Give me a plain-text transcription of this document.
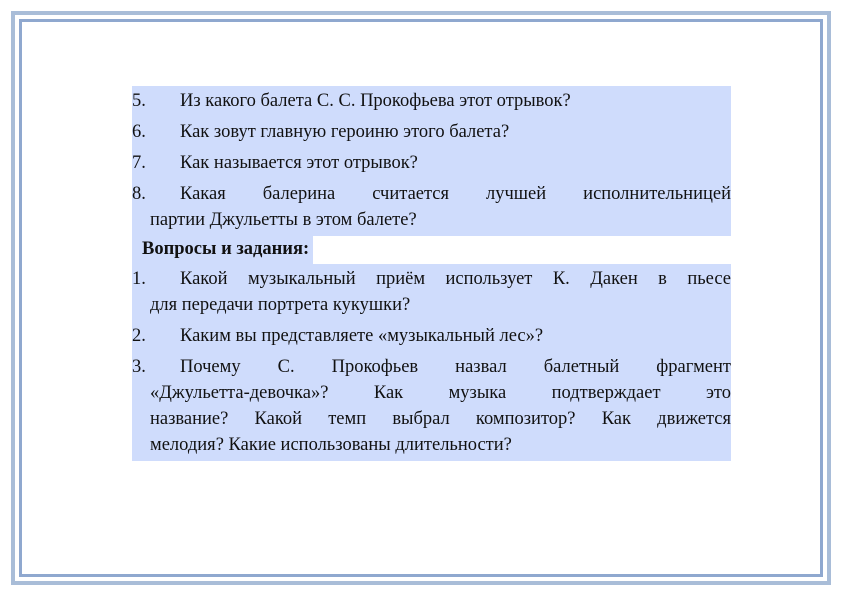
5.	Из какого балета С. С. Прокофьева этот отрывок?
6.	Как зовут главную героиню этого балета?
7.	Как называется этот отрывок?
8.	Какая балерина считается лучшей исполнительницей
партии Джульетты в этом балете?
Вопросы и задания:
1.	Какой музыкальный приём использует К. Дакен в пьесе
для передачи портрета кукушки?
2.	Каким вы представляете «музыкальный лес»?
3.	Почему С. Прокофьев назвал балетный фрагмент
«Джульетта-девочка»? Как музыка подтверждает это
название? Какой темп выбрал композитор? Как движется
мелодия? Какие использованы длительности?
